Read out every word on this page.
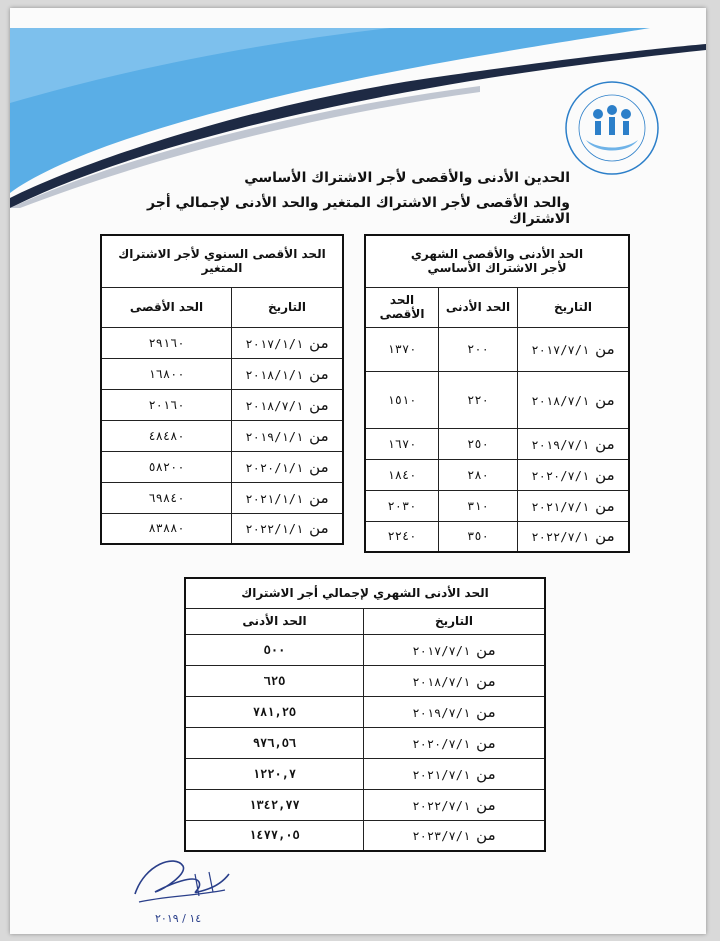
الحدين الأدنى والأقصى لأجر الاشتراك الأساسي
والحد الأقصى لأجر الاشتراك المتغير والحد الأدنى لإجمالي أجر الاشتراك
الحد الأدنى والأقصى الشهري
لأجر الاشتراك الأساسي		

التاريخ	الحد الأدنى	الحد الأقصى
من٢٠١٧/٧/١	٢٠٠	١٣٧٠
من٢٠١٨/٧/١	٢٢٠	١٥١٠
من٢٠١٩/٧/١	٢٥٠	١٦٧٠
من٢٠٢٠/٧/١	٢٨٠	١٨٤٠
من٢٠٢١/٧/١	٣١٠	٢٠٣٠
من٢٠٢٢/٧/١	٣٥٠	٢٢٤٠
الحد الأقصى السنوي لأجر الاشتراك المتغير	
التاريخ	الحد الأقصى
من٢٠١٧/١/١	٢٩١٦٠
من٢٠١٨/١/١	١٦٨٠٠
من٢٠١٨/٧/١	٢٠١٦٠
من٢٠١٩/١/١	٤٨٤٨٠
من٢٠٢٠/١/١	٥٨٢٠٠
من٢٠٢١/١/١	٦٩٨٤٠
من٢٠٢٢/١/١	٨٣٨٨٠
الحد الأدنى الشهري لإجمالي أجر الاشتراك	
التاريخ	الحد الأدنى
من٢٠١٧/٧/١	٥٠٠
من٢٠١٨/٧/١	٦٢٥
من٢٠١٩/٧/١	٧٨١,٢٥
من٢٠٢٠/٧/١	٩٧٦,٥٦
من٢٠٢١/٧/١	١٢٢٠,٧
من٢٠٢٢/٧/١	١٣٤٢,٧٧
من٢٠٢٣/٧/١	١٤٧٧,٠٥
١٤ / ٢٠١٩
